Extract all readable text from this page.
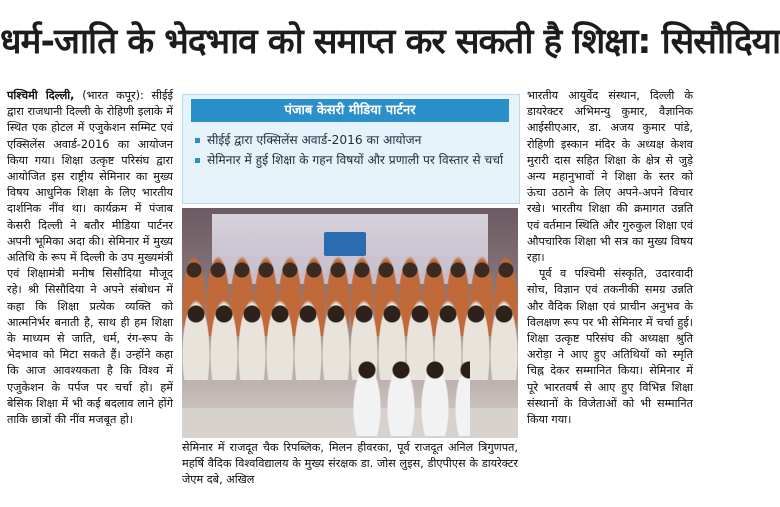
धर्म-जाति के भेदभाव को समाप्त कर सकती है शिक्षा: सिसौदिया

पश्चिमी दिल्ली, (भारत कपूर): सीईई द्वारा राजधानी दिल्ली के रोहिणी इलाके में स्थित एक होटल में एजुकेशन सम्मिट एवं एक्सिलेंस अवार्ड-2016 का आयोजन किया गया। शिक्षा उत्कृष्ट परिसंघ द्वारा आयोजित इस राष्ट्रीय सेमिनार का मुख्य विषय आधुनिक शिक्षा के लिए भारतीय दार्शनिक नींव था। कार्यक्रम में पंजाब केसरी दिल्ली ने बतौर मीडिया पार्टनर अपनी भूमिका अदा की। सेमिनार में मुख्य अतिथि के रूप में दिल्ली के उप मुख्यमंत्री एवं शिक्षामंत्री मनीष सिसौदिया मौजूद रहे। श्री सिसौदिया ने अपने संबोधन में कहा कि शिक्षा प्रत्येक व्यक्ति को आत्मनिर्भर बनाती है, साथ ही हम शिक्षा के माध्यम से जाति, धर्म, रंग-रूप के भेदभाव को मिटा सकते हैं। उन्होंने कहा कि आज आवश्यकता है कि विश्व में एजुकेशन के पर्पज पर चर्चा हो। हमें बेसिक शिक्षा में भी कई बदलाव लाने होंगे ताकि छात्रों की नींव मजबूत हो।

पंजाब केसरी मीडिया पार्टनर
सीईई द्वारा एक्सिलेंस अवार्ड-2016 का आयोजन
सेमिनार में हुई शिक्षा के गहन विषयों और प्रणाली पर विस्तार से चर्चा
सेमिनार में राजदूत चैक रिपब्लिक, मिलन हीवरका, पूर्व राजदूत अनिल त्रिगुणपत, महर्षि वैदिक विश्वविद्यालय के मुख्य संरक्षक डा. जोस लुइस, डीएपीएस के डायरेक्टर जेएम दबे, अखिल

भारतीय आयुर्वेद संस्थान, दिल्ली के डायरेक्टर अभिमन्यु कुमार, वैज्ञानिक आईसीएआर, डा. अजय कुमार पांडे, रोहिणी इस्कान मंदिर के अध्यक्ष केशव मुरारी दास सहित शिक्षा के क्षेत्र से जुड़े अन्य महानुभावों ने शिक्षा के स्तर को ऊंचा उठाने के लिए अपने-अपने विचार रखे। भारतीय शिक्षा की क्रमागत उन्नति एवं वर्तमान स्थिति और गुरुकुल शिक्षा एवं औपचारिक शिक्षा भी सत्र का मुख्य विषय रहा।

पूर्व व पश्चिमी संस्कृति, उदारवादी सोच, विज्ञान एवं तकनीकी समग्र उन्नति और वैदिक शिक्षा एवं प्राचीन अनुभव के विलक्षण रूप पर भी सेमिनार में चर्चा हुई। शिक्षा उत्कृष्ट परिसंघ की अध्यक्षा श्रुति अरोड़ा ने आए हुए अतिथियों को स्मृति चिह्न देकर सम्मानित किया। सेमिनार में पूरे भारतवर्ष से आए हुए विभिन्न शिक्षा संस्थानों के विजेताओं को भी सम्मानित किया गया।
